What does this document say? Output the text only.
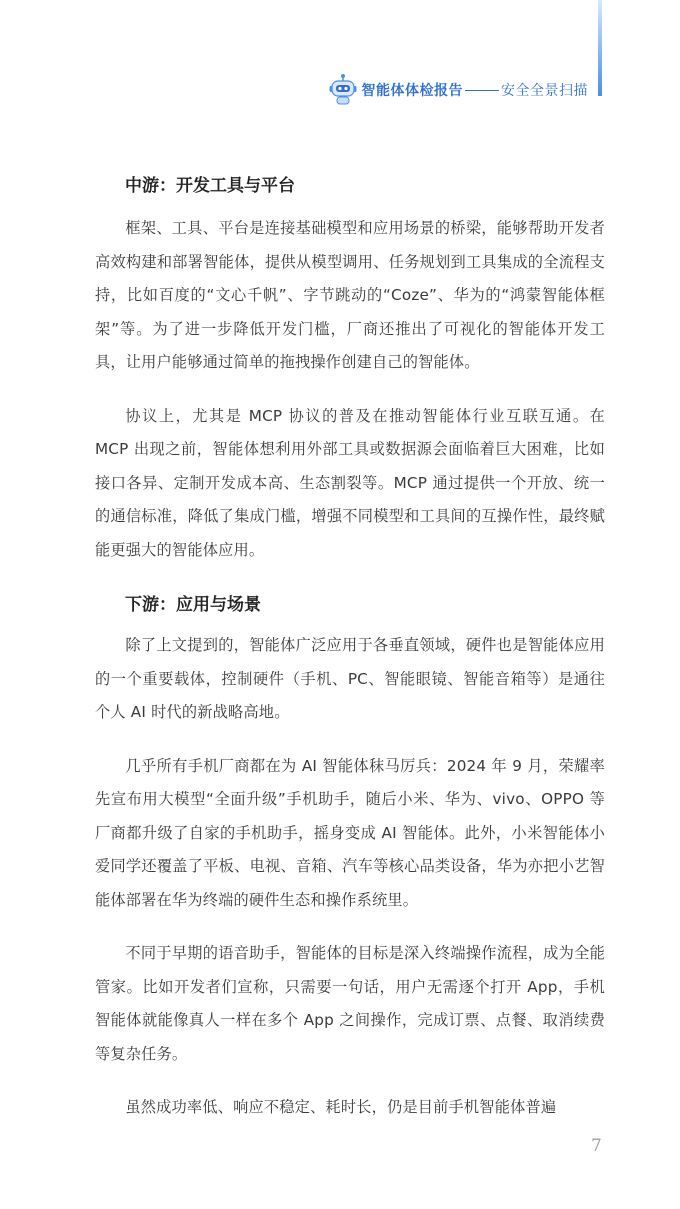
智能体体检报告	安全全景扫描
中游：开发工具与平台

框架、工具、平台是连接基础模型和应用场景的桥梁，能够帮助开发者高效构建和部署智能体，提供从模型调用、任务规划到工具集成的全流程支持，比如百度的“文心千帆”、字节跳动的“Coze”、华为的“鸿蒙智能体框架”等。为了进一步降低开发门槛，厂商还推出了可视化的智能体开发工具，让用户能够通过简单的拖拽操作创建自己的智能体。

协议上，尤其是 MCP 协议的普及在推动智能体行业互联互通。在 MCP 出现之前，智能体想利用外部工具或数据源会面临着巨大困难，比如接口各异、定制开发成本高、生态割裂等。MCP 通过提供一个开放、统一的通信标准，降低了集成门槛，增强不同模型和工具间的互操作性，最终赋能更强大的智能体应用。

下游：应用与场景

除了上文提到的，智能体广泛应用于各垂直领域，硬件也是智能体应用的一个重要载体，控制硬件（手机、PC、智能眼镜、智能音箱等）是通往个人 AI 时代的新战略高地。

几乎所有手机厂商都在为 AI 智能体秣马厉兵：2024 年 9 月，荣耀率先宣布用大模型“全面升级”手机助手，随后小米、华为、vivo、OPPO 等厂商都升级了自家的手机助手，摇身变成 AI 智能体。此外，小米智能体小爱同学还覆盖了平板、电视、音箱、汽车等核心品类设备，华为亦把小艺智能体部署在华为终端的硬件生态和操作系统里。

不同于早期的语音助手，智能体的目标是深入终端操作流程，成为全能管家。比如开发者们宣称，只需要一句话，用户无需逐个打开 App，手机智能体就能像真人一样在多个 App 之间操作，完成订票、点餐、取消续费等复杂任务。

虽然成功率低、响应不稳定、耗时长，仍是目前手机智能体普遍

7
